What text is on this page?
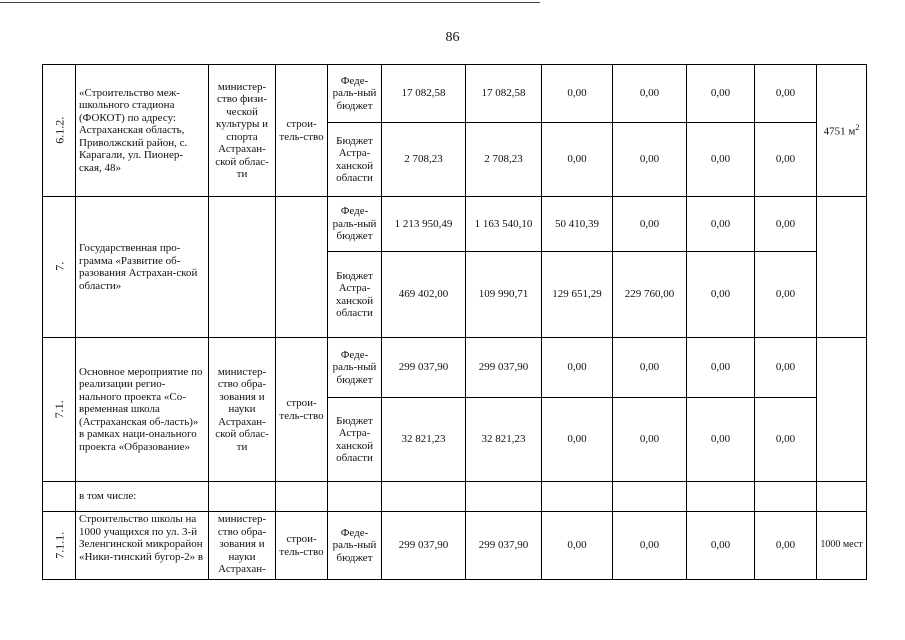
86
6.1.2.	«Строительство меж-школьного стадиона (ФОКОТ) по адресу: Астраханская область, Приволжский район, с. Карагали, ул. Пионер-ская, 48»	министер-ство физи-ческой культуры и спорта Астрахан-ской облас-ти	строи-тель-ство	Феде-раль-ный бюджет	17 082,58	17 082,58	0,00	0,00	0,00	0,00	4751 $м^2$
				Бюджет Астра-ханской области	2 708,23	2 708,23	0,00	0,00	0,00	0,00	
7.	Государственная про-грамма «Развитие об-разования Астрахан-ской области»			Феде-раль-ный бюджет	1 213 950,49	1 163 540,10	50 410,39	0,00	0,00	0,00	
				Бюджет Астра-ханской области	469 402,00	109 990,71	129 651,29	229 760,00	0,00	0,00	
7.1.	Основное мероприятие по реализации регио-нального проекта «Со-временная школа (Астраханская об-ласть)» в рамках наци-онального проекта «Образование»	министер-ство обра-зования и науки Астрахан-ской облас-ти	строи-тель-ство	Феде-раль-ный бюджет	299 037,90	299 037,90	0,00	0,00	0,00	0,00	
				Бюджет Астра-ханской области	32 821,23	32 821,23	0,00	0,00	0,00	0,00	
	в том числе:										
7.1.1.	Строительство школы на 1000 учащихся по ул. 3-й Зеленгинской микрорайон «Ники-тинский бугор-2» в	министер-ство обра-зования и науки Астрахан-	строи-тель-ство	Феде-раль-ный бюджет	299 037,90	299 037,90	0,00	0,00	0,00	0,00	1000 мест
